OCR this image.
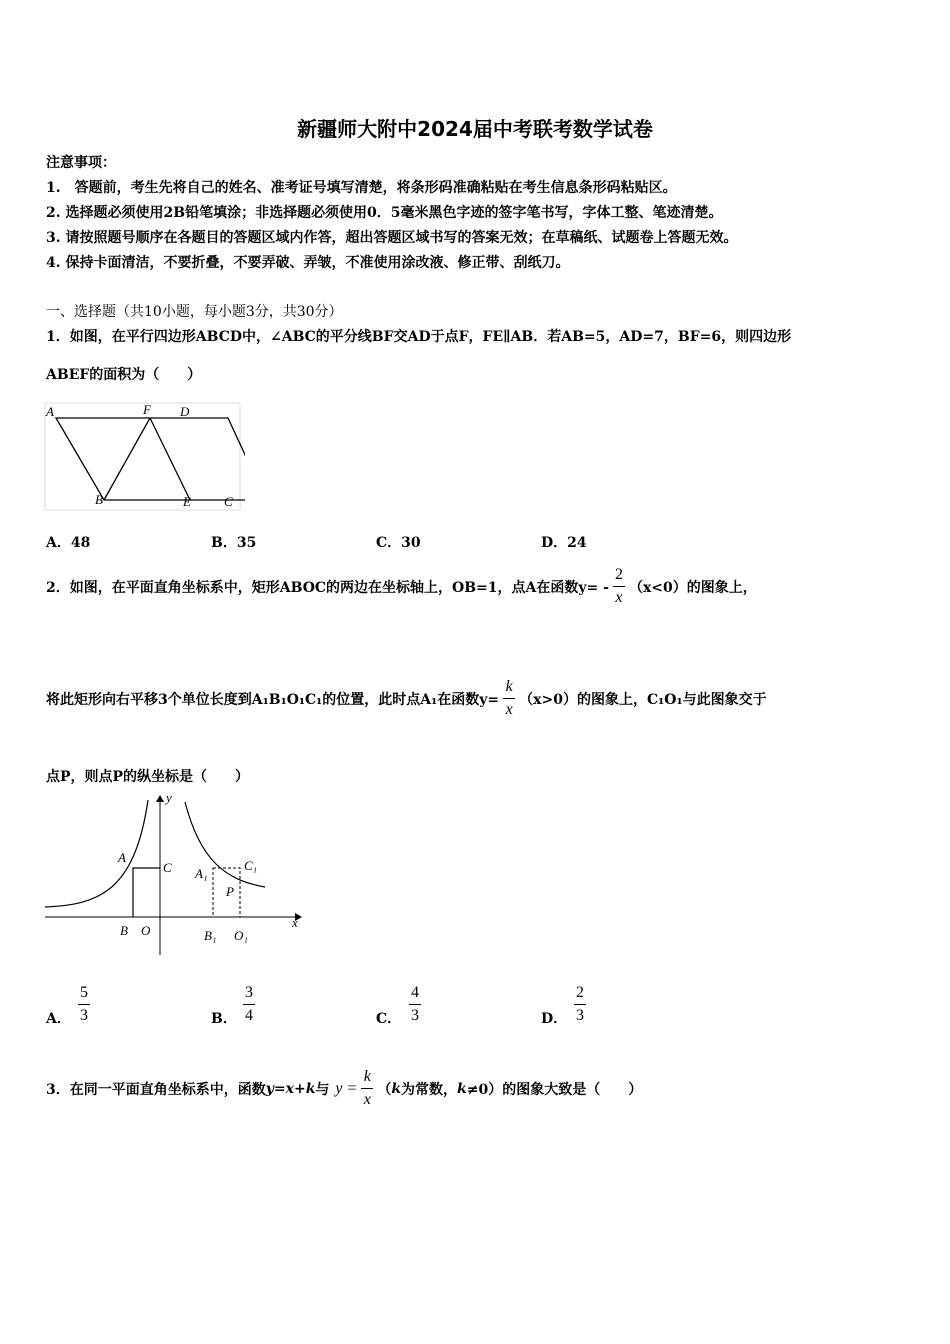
新疆师大附中2024届中考联考数学试卷
注意事项：
1.　答题前，考生先将自己的姓名、准考证号填写清楚，将条形码准确粘贴在考生信息条形码粘贴区。
2. 选择题必须使用2B铅笔填涂；非选择题必须使用0．5毫米黑色字迹的签字笔书写，字体工整、笔迹清楚。
3. 请按照题号顺序在各题目的答题区域内作答，超出答题区域书写的答案无效；在草稿纸、试题卷上答题无效。
4. 保持卡面清洁，不要折叠，不要弄破、弄皱，不准使用涂改液、修正带、刮纸刀。
一、选择题（共10小题，每小题3分，共30分）
1．如图，在平行四边形ABCD中，∠ABC的平分线BF交AD于点F，FE∥AB．若AB=5，AD=7，BF=6，则四边形
ABEF的面积为（　　）
A	F D
B	E	C
A．48	B．35	C．30	D．24
2．如图，在平面直角坐标系中，矩形ABOC的两边在坐标轴上，OB=1，点A在函数$y= - \frac{2}{x} (x<0)$的图象上，
将此矩形向右平移3个单位长度到A₁B₁O₁C₁的位置，此时点A₁在函数$y= \frac{k}{x} (x>0)$的图象上，C₁O₁与此图象交于
点P，则点P的纵坐标是（　　）
y
A
C A₁
C₁
P
B O	B₁ O₁
x
A．
5
3	B．
3
4	C．
4
3	D．
2
3
3．在同一平面直角坐标系中，函数 y=x+k 与 $y = \frac{k}{x}$ （ k 为常数， k ≠0）的图象大致是（　　）
